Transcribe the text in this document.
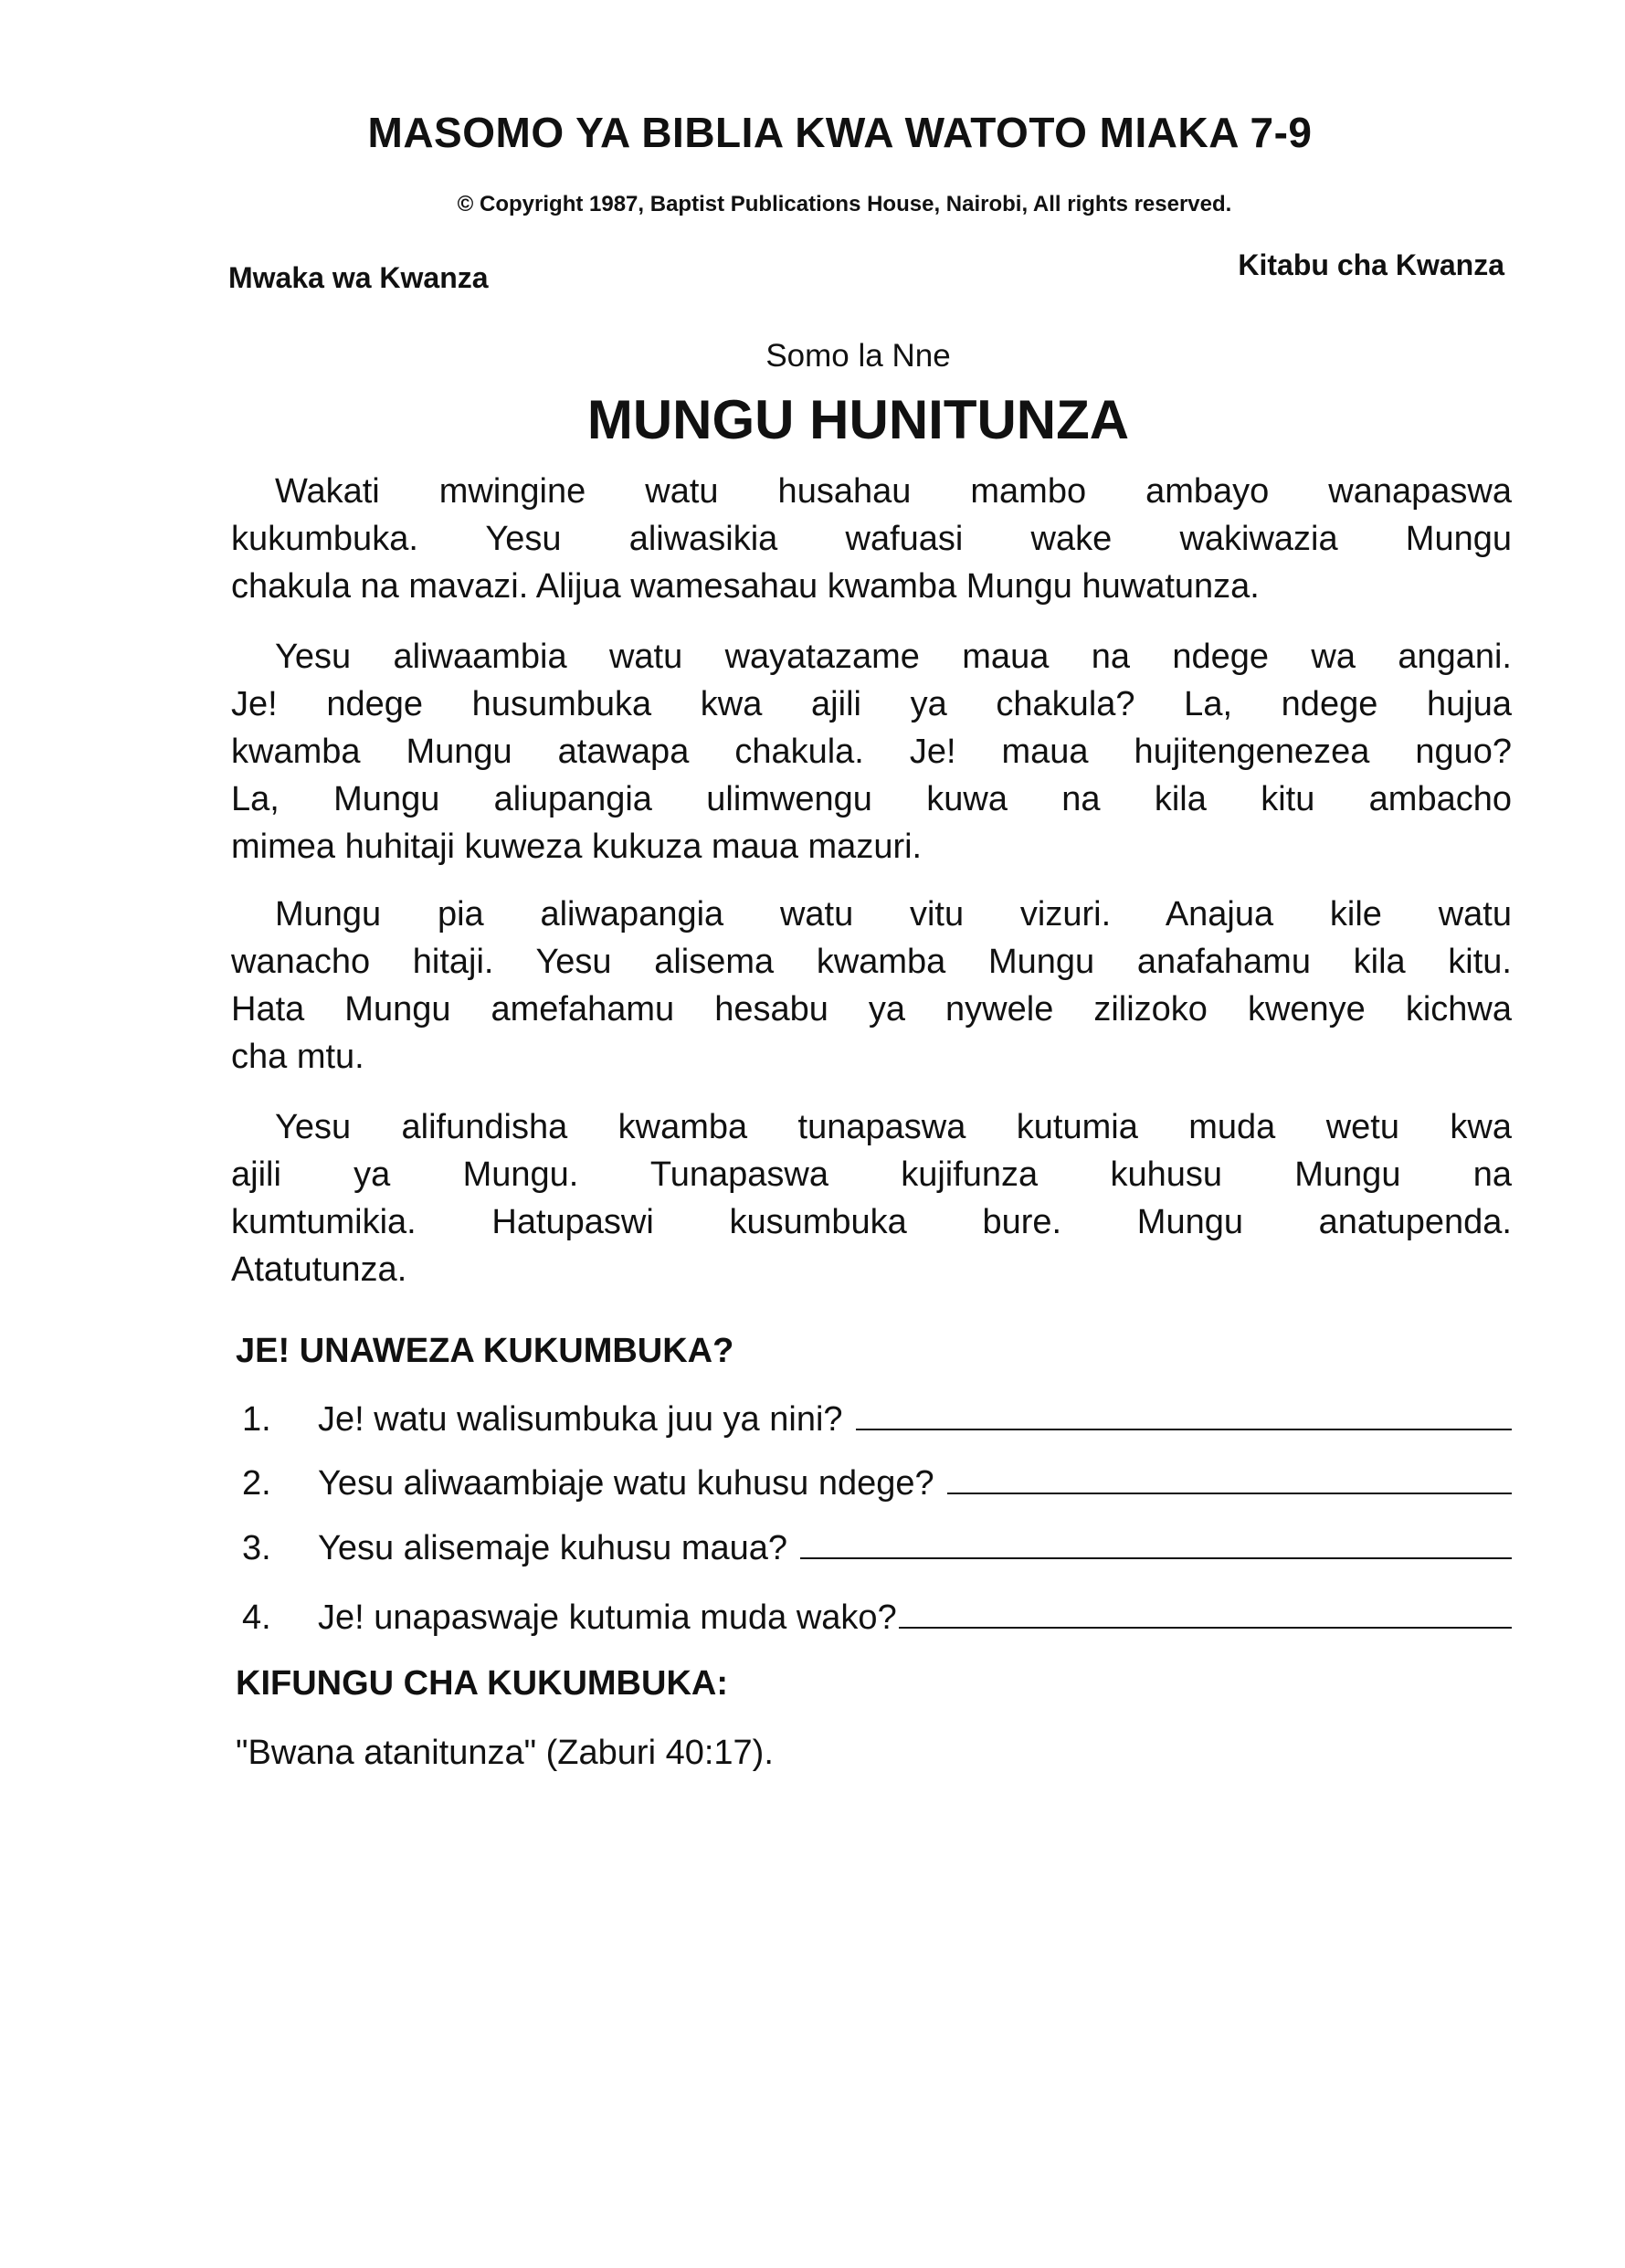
MASOMO YA BIBLIA KWA WATOTO MIAKA 7-9
© Copyright 1987, Baptist Publications House, Nairobi, All rights reserved.
Mwaka wa Kwanza	Kitabu cha Kwanza
Somo la Nne
MUNGU HUNITUNZA
Wakati mwingine watu husahau mambo ambayo wanapaswa
kukumbuka. Yesu aliwasikia wafuasi wake wakiwazia Mungu
chakula na mavazi. Alijua wamesahau kwamba Mungu huwatunza.
Yesu aliwaambia watu wayatazame maua na ndege wa angani.
Je! ndege husumbuka kwa ajili ya chakula? La, ndege hujua
kwamba Mungu atawapa chakula. Je! maua hujitengenezea nguo?
La, Mungu aliupangia ulimwengu kuwa na kila kitu ambacho
mimea huhitaji kuweza kukuza maua mazuri.
Mungu pia aliwapangia watu vitu vizuri. Anajua kile watu
wanacho hitaji. Yesu alisema kwamba Mungu anafahamu kila kitu.
Hata Mungu amefahamu hesabu ya nywele zilizoko kwenye kichwa
cha mtu.
Yesu alifundisha kwamba tunapaswa kutumia muda wetu kwa
ajili ya Mungu. Tunapaswa kujifunza kuhusu Mungu na
kumtumikia. Hatupaswi kusumbuka bure. Mungu anatupenda.
Atatutunza.
JE! UNAWEZA KUKUMBUKA?
1.	Je! watu walisumbuka juu ya nini?
2.	Yesu aliwaambiaje watu kuhusu ndege?
3.	Yesu alisemaje kuhusu maua?
4.	Je! unapaswaje kutumia muda wako?
KIFUNGU CHA KUKUMBUKA:
"Bwana atanitunza" (Zaburi 40:17).
